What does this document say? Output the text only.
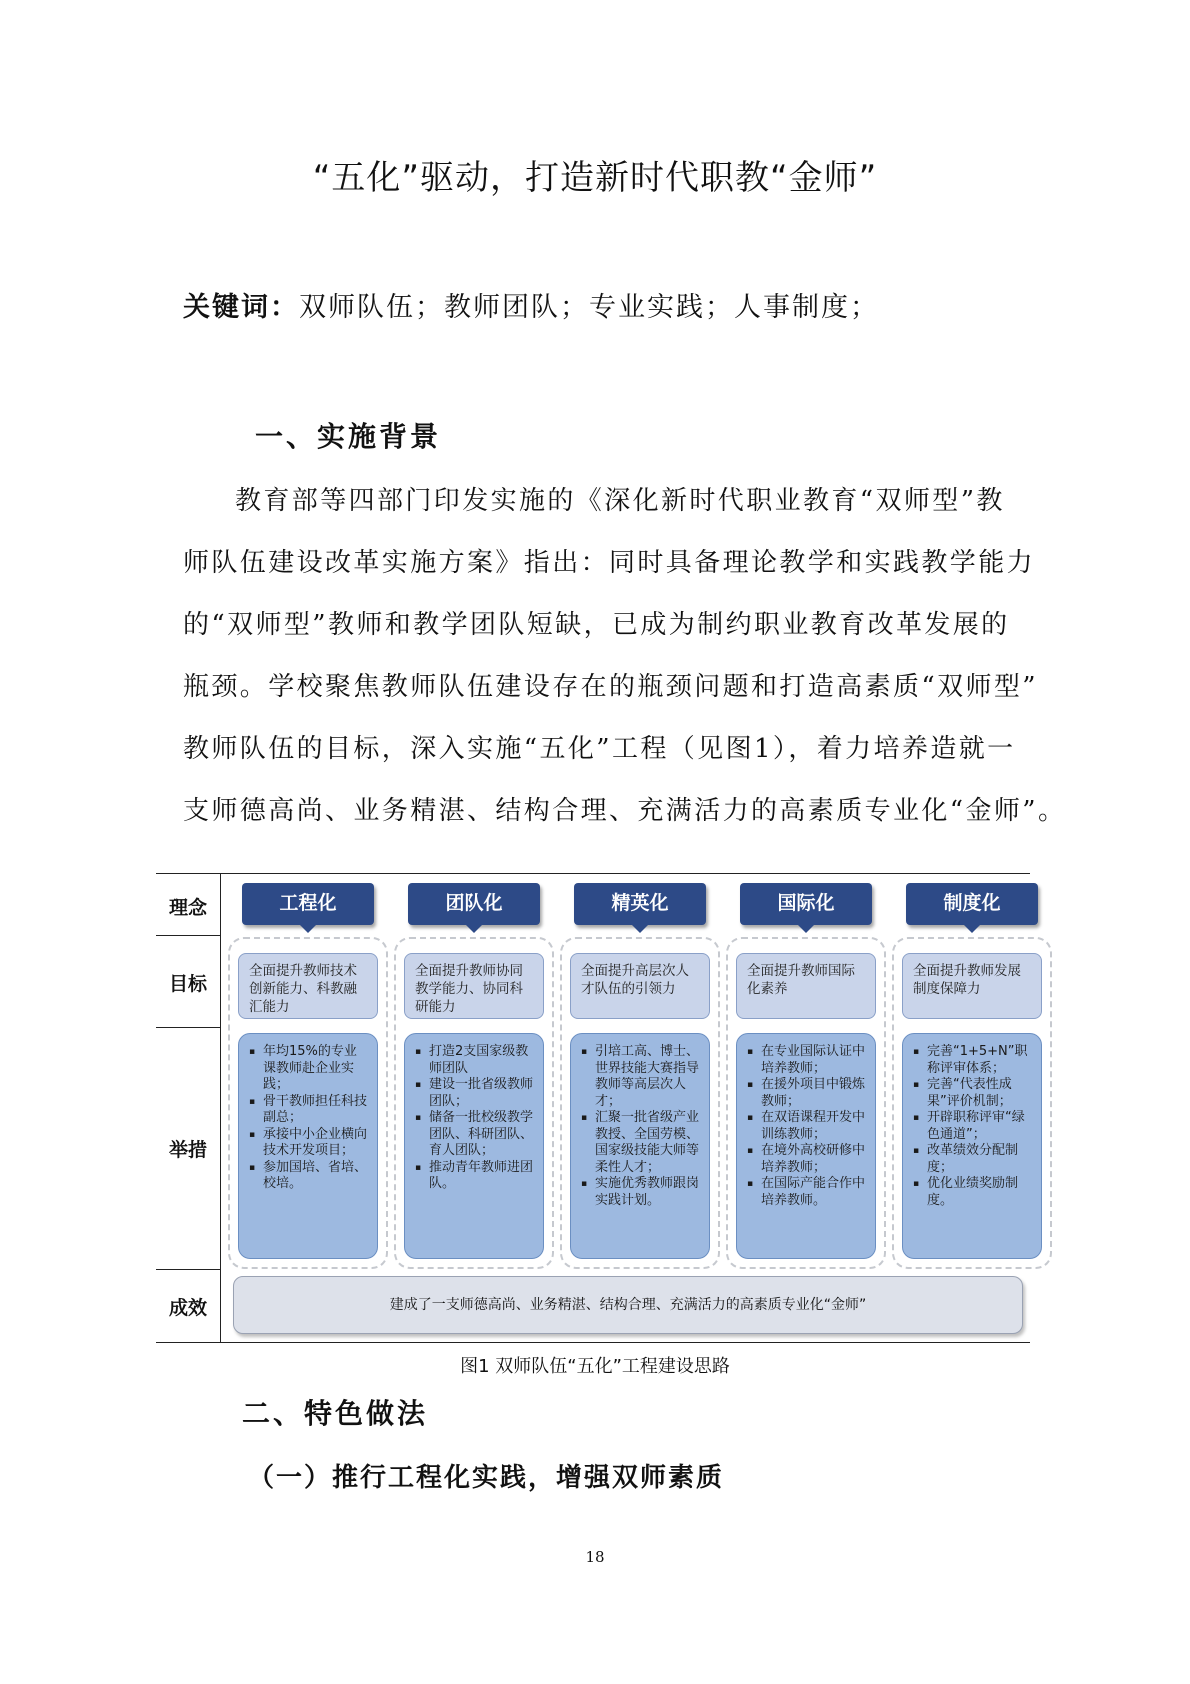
“五化”驱动，打造新时代职教“金师”
关键词：双师队伍；教师团队；专业实践；人事制度；
一、实施背景
教育部等四部门印发实施的《深化新时代职业教育“双师型”教
师队伍建设改革实施方案》指出：同时具备理论教学和实践教学能力
的“双师型”教师和教学团队短缺，已成为制约职业教育改革发展的
瓶颈。学校聚焦教师队伍建设存在的瓶颈问题和打造高素质“双师型”
教师队伍的目标，深入实施“五化”工程（见图1），着力培养造就一
支师德高尚、业务精湛、结构合理、充满活力的高素质专业化“金师”。
理念
目标
举措
成效
工程化
全面提升教师技术创新能力、科教融汇能力
▪ 年均15%的专业课教师赴企业实践；
▪ 骨干教师担任科技副总；
▪ 承接中小企业横向技术开发项目；
▪ 参加国培、省培、校培。
团队化
全面提升教师协同教学能力、协同科研能力
▪ 打造2支国家级教师团队
▪ 建设一批省级教师团队；
▪ 储备一批校级教学团队、科研团队、育人团队；
▪ 推动青年教师进团队。
精英化
全面提升高层次人才队伍的引领力
▪ 引培工高、博士、世界技能大赛指导教师等高层次人才；
▪ 汇聚一批省级产业教授、全国劳模、国家级技能大师等柔性人才；
▪ 实施优秀教师跟岗实践计划。
国际化
全面提升教师国际化素养
▪ 在专业国际认证中培养教师；
▪ 在援外项目中锻炼教师；
▪ 在双语课程开发中训练教师；
▪ 在境外高校研修中培养教师；
▪ 在国际产能合作中培养教师。
制度化
全面提升教师发展制度保障力
▪ 完善“1+5+N”职称评审体系；
▪ 完善“代表性成果”评价机制；
▪ 开辟职称评审“绿色通道”；
▪ 改革绩效分配制度；
▪ 优化业绩奖励制度。
建成了一支师德高尚、业务精湛、结构合理、充满活力的高素质专业化“金师”
图1 双师队伍“五化”工程建设思路
二、特色做法
（一）推行工程化实践，增强双师素质
18
